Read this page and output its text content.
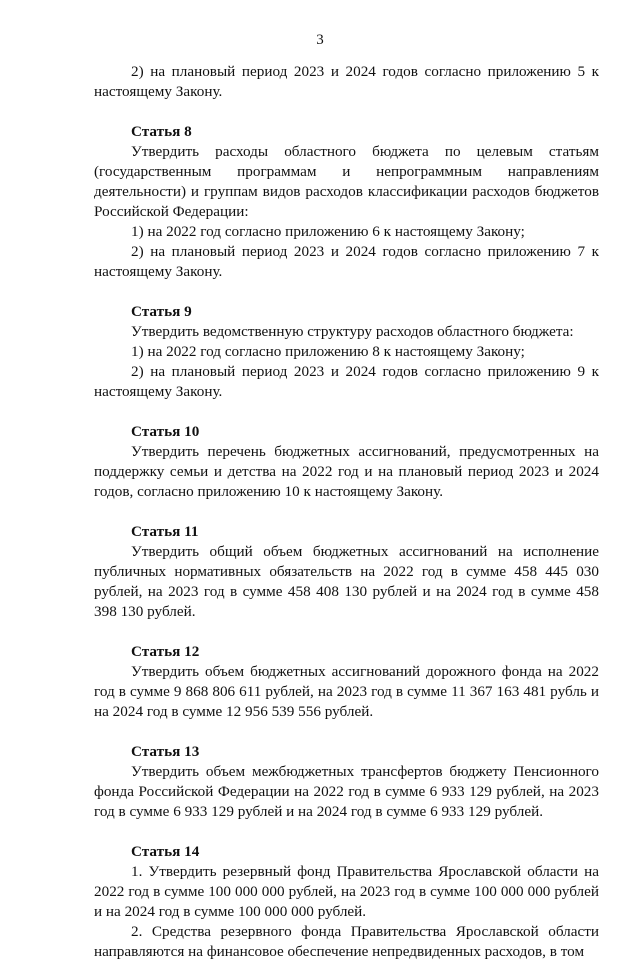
3
2) на плановый период 2023 и 2024 годов согласно приложению 5 к настоящему Закону.
Статья 8
Утвердить расходы областного бюджета по целевым статьям (государственным программам и непрограммным направлениям деятельности) и группам видов расходов классификации расходов бюджетов Российской Федерации:
1) на 2022 год согласно приложению 6 к настоящему Закону;
2) на плановый период 2023 и 2024 годов согласно приложению 7 к настоящему Закону.
Статья 9
Утвердить ведомственную структуру расходов областного бюджета:
1) на 2022 год согласно приложению 8 к настоящему Закону;
2) на плановый период 2023 и 2024 годов согласно приложению 9 к настоящему Закону.
Статья 10
Утвердить перечень бюджетных ассигнований, предусмотренных на поддержку семьи и детства на 2022 год и на плановый период 2023 и 2024 годов, согласно приложению 10 к настоящему Закону.
Статья 11
Утвердить общий объем бюджетных ассигнований на исполнение публичных нормативных обязательств на 2022 год в сумме 458 445 030 рублей, на 2023 год в сумме 458 408 130 рублей и на 2024 год в сумме 458 398 130 рублей.
Статья 12
Утвердить объем бюджетных ассигнований дорожного фонда на 2022 год в сумме 9 868 806 611 рублей, на 2023 год в сумме 11 367 163 481 рубль и на 2024 год в сумме 12 956 539 556 рублей.
Статья 13
Утвердить объем межбюджетных трансфертов бюджету Пенсионного фонда Российской Федерации на 2022 год в сумме 6 933 129 рублей, на 2023 год в сумме 6 933 129 рублей и на 2024 год в сумме 6 933 129 рублей.
Статья 14
1. Утвердить резервный фонд Правительства Ярославской области на 2022 год в сумме 100 000 000 рублей, на 2023 год в сумме 100 000 000 рублей и на 2024 год в сумме 100 000 000 рублей.
2. Средства резервного фонда Правительства Ярославской области направляются на финансовое обеспечение непредвиденных расходов, в том
